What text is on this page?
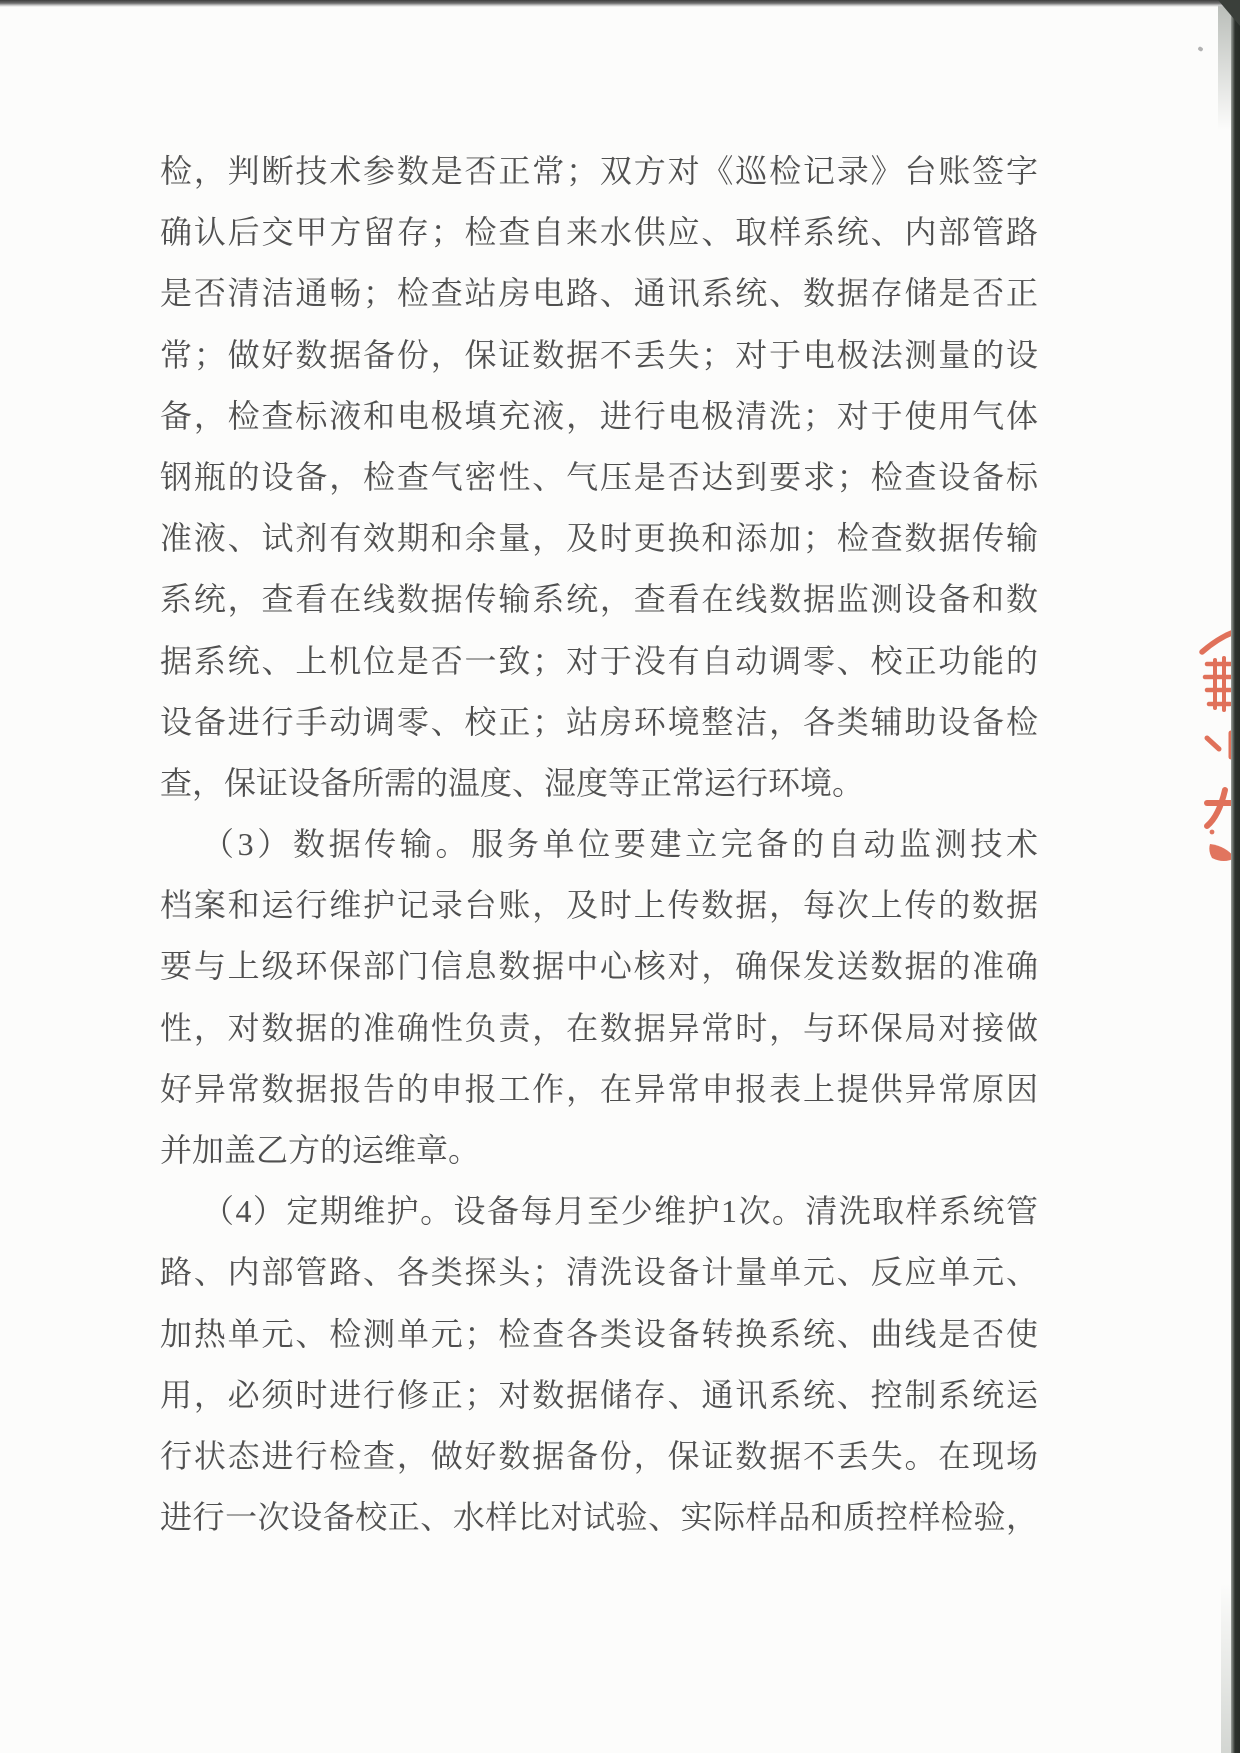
检，判断技术参数是否正常；双方对《巡检记录》台账签字
确认后交甲方留存；检查自来水供应、取样系统、内部管路
是否清洁通畅；检查站房电路、通讯系统、数据存储是否正
常；做好数据备份，保证数据不丢失；对于电极法测量的设
备，检查标液和电极填充液，进行电极清洗；对于使用气体
钢瓶的设备，检查气密性、气压是否达到要求；检查设备标
准液、试剂有效期和余量，及时更换和添加；检查数据传输
系统，查看在线数据传输系统，查看在线数据监测设备和数
据系统、上机位是否一致；对于没有自动调零、校正功能的
设备进行手动调零、校正；站房环境整洁，各类辅助设备检
查，保证设备所需的温度、湿度等正常运行环境。
（3）数据传输。服务单位要建立完备的自动监测技术
档案和运行维护记录台账，及时上传数据，每次上传的数据
要与上级环保部门信息数据中心核对，确保发送数据的准确
性，对数据的准确性负责，在数据异常时，与环保局对接做
好异常数据报告的申报工作，在异常申报表上提供异常原因
并加盖乙方的运维章。
（4）定期维护。设备每月至少维护1次。清洗取样系统管
路、内部管路、各类探头；清洗设备计量单元、反应单元、
加热单元、检测单元；检查各类设备转换系统、曲线是否使
用，必须时进行修正；对数据储存、通讯系统、控制系统运
行状态进行检查，做好数据备份，保证数据不丢失。在现场
进行一次设备校正、水样比对试验、实际样品和质控样检验，
